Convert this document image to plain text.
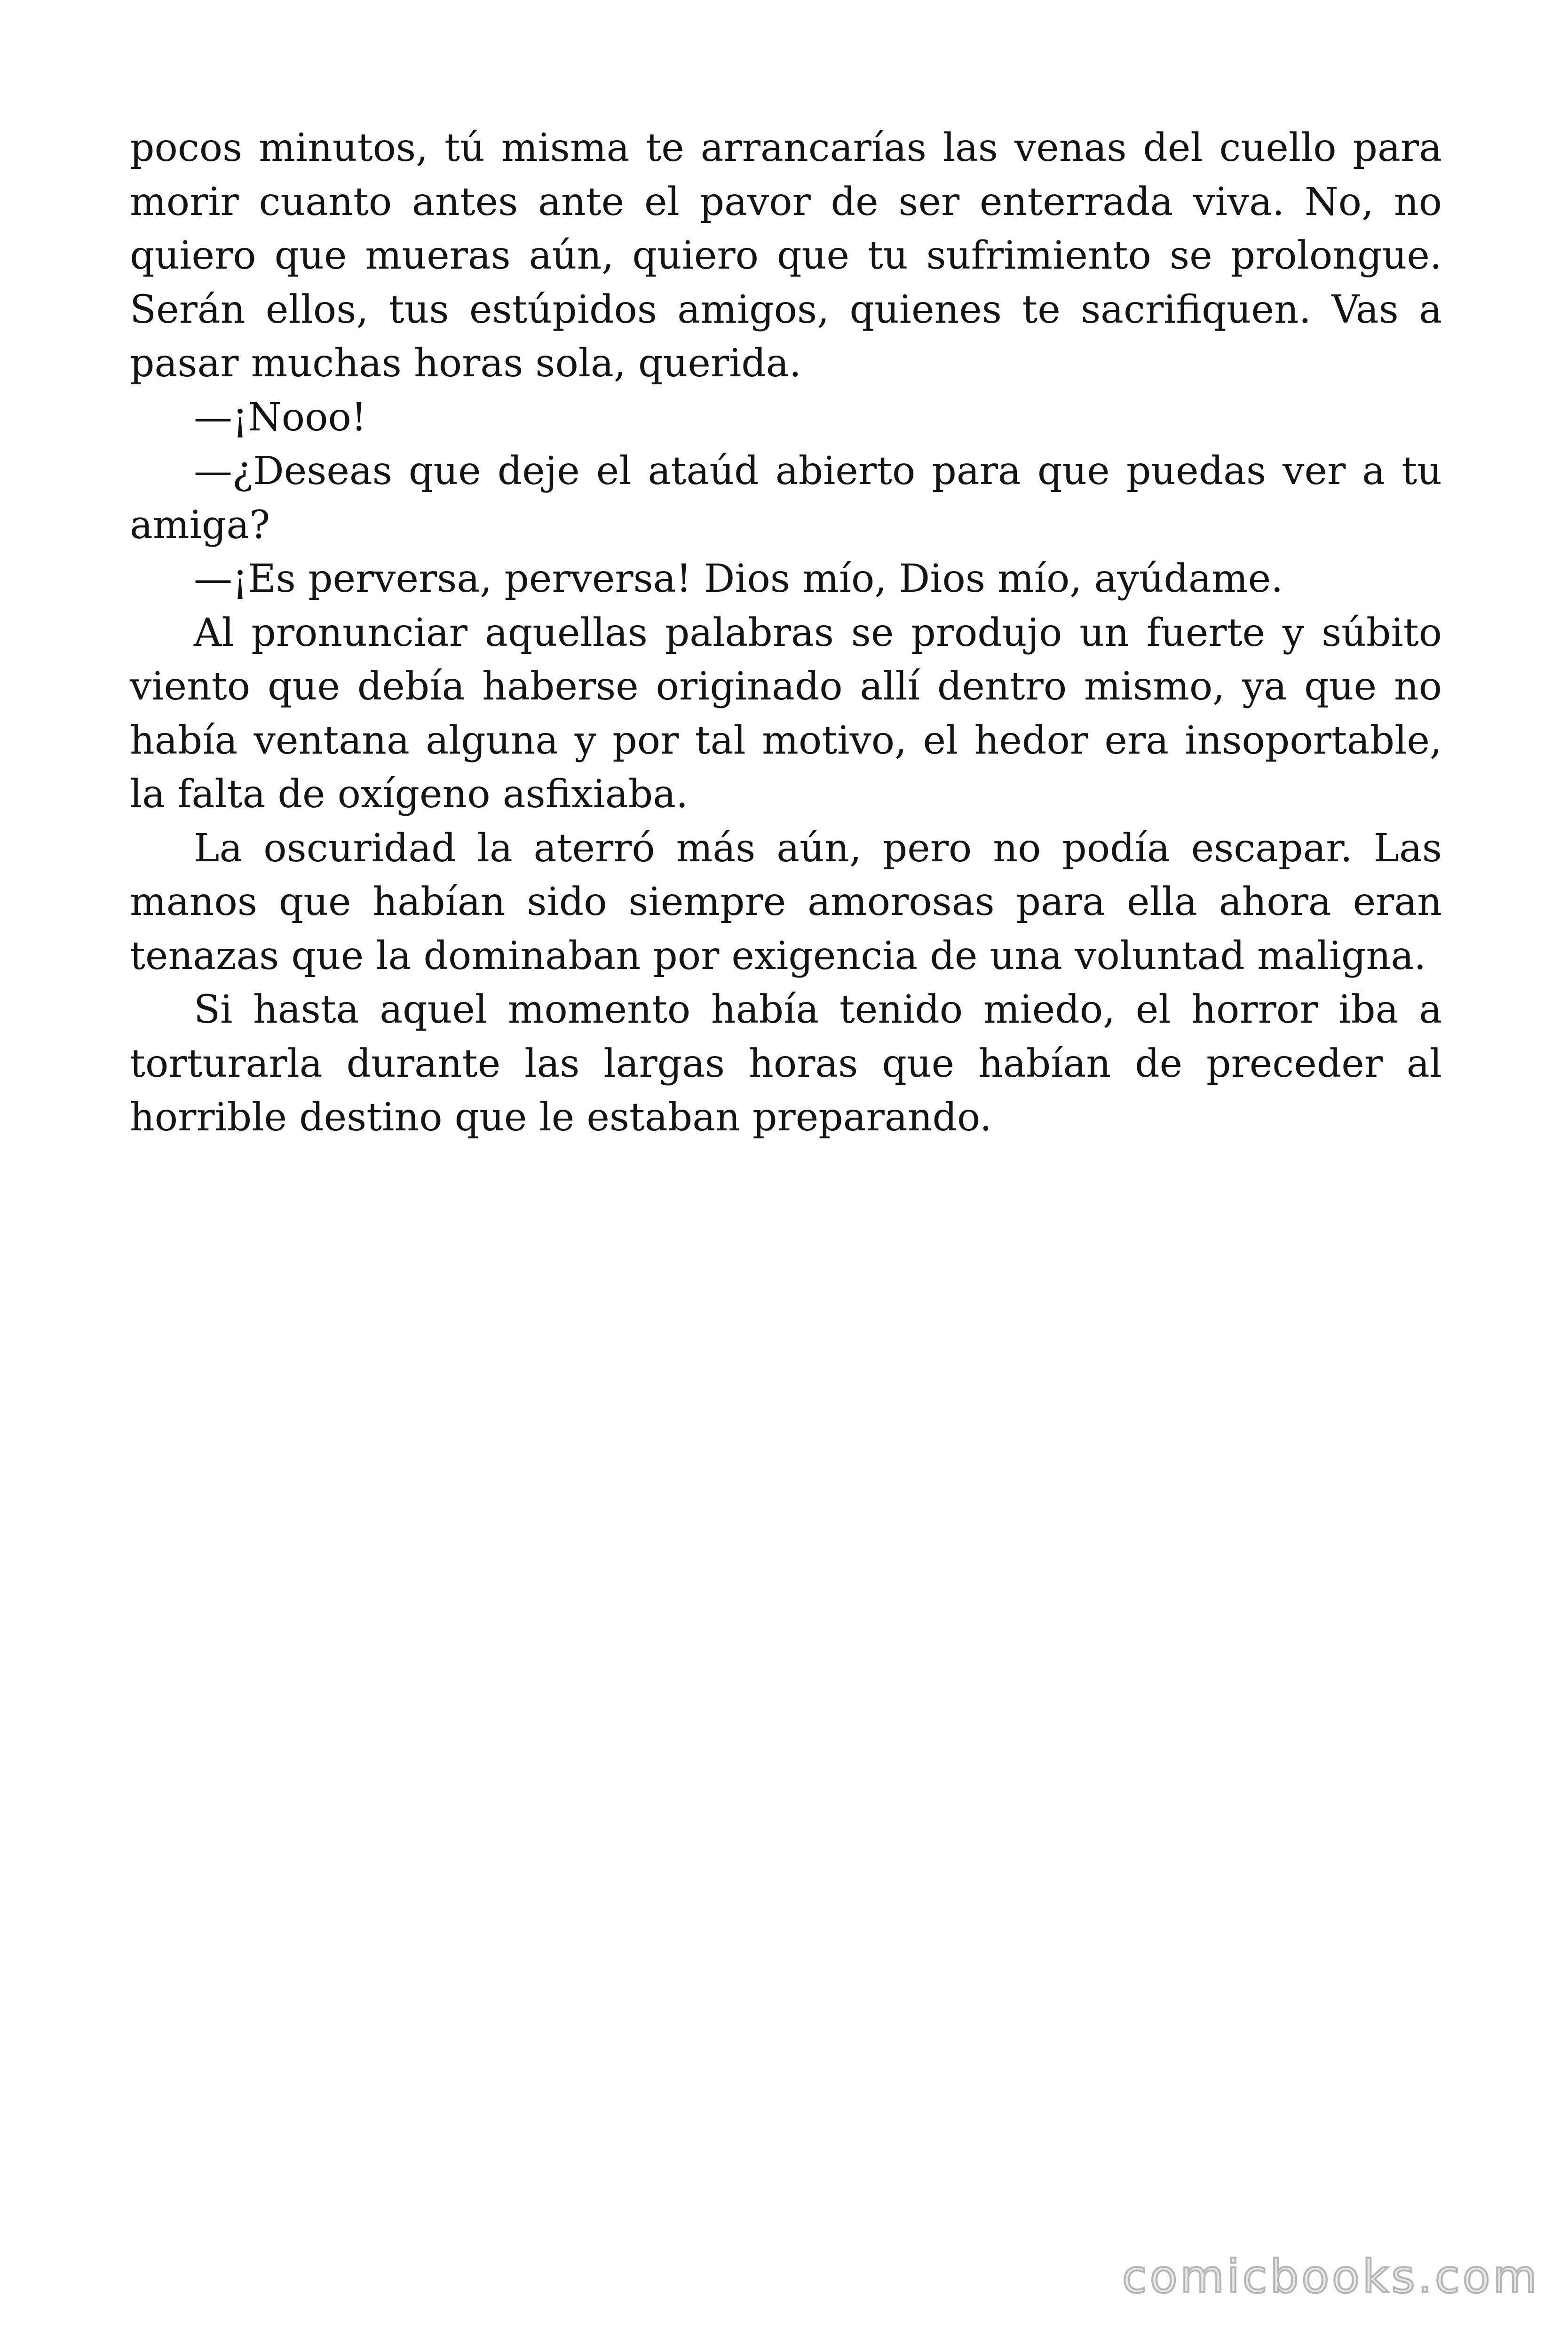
pocos minutos, tú misma te arrancarías las venas del cuello para morir cuanto antes ante el pavor de ser enterrada viva. No, no quiero que mueras aún, quiero que tu sufrimiento se prolongue. Serán ellos, tus estúpidos amigos, quienes te sacrifiquen. Vas a pasar muchas horas sola, querida.

—¡Nooo!

—¿Deseas que deje el ataúd abierto para que puedas ver a tu amiga?

—¡Es perversa, perversa! Dios mío, Dios mío, ayúdame.

Al pronunciar aquellas palabras se produjo un fuerte y súbito viento que debía haberse originado allí dentro mismo, ya que no había ventana alguna y por tal motivo, el hedor era insoportable, la falta de oxígeno asfixiaba.

La oscuridad la aterró más aún, pero no podía escapar. Las manos que habían sido siempre amorosas para ella ahora eran tenazas que la dominaban por exigencia de una voluntad maligna.

Si hasta aquel momento había tenido miedo, el horror iba a torturarla durante las largas horas que habían de preceder al horrible destino que le estaban preparando.

comicbooks.com
